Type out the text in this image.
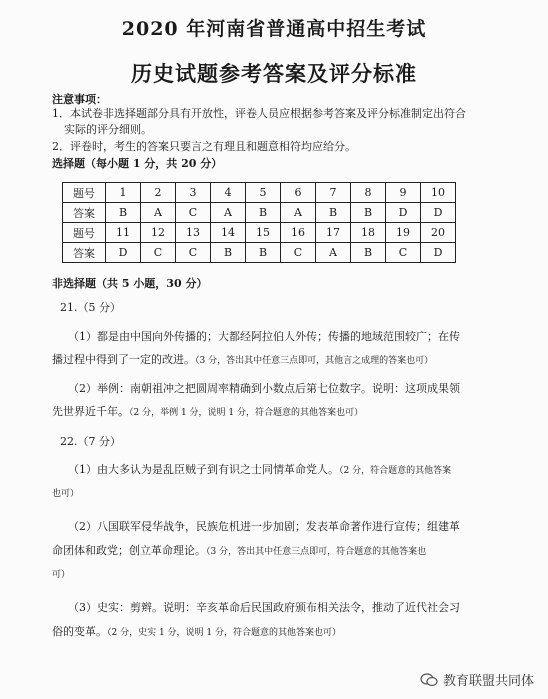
2020 年河南省普通高中招生考试
历史试题参考答案及评分标准
注意事项：
1．本试卷非选择题部分具有开放性，评卷人员应根据参考答案及评分标准制定出符合
实际的评分细则。
2．评卷时，考生的答案只要言之有理且和题意相符均应给分。
选择题（每小题 1 分，共 20 分）
题号	1	2	3	4	5	6	7	8	9	10
答案	B	A	C	A	B	A	B	B	D	D
题号	11	12	13	14	15	16	17	18	19	20
答案	D	C	C	B	B	C	A	B	C	D
非选择题（共 5 小题，30 分）
21.（5 分）
（1）都是由中国向外传播的；大都经阿拉伯人外传；传播的地域范围较广；在传
播过程中得到了一定的改进。（3 分，答出其中任意三点即可，其他言之成理的答案也可）
（2）举例：南朝祖冲之把圆周率精确到小数点后第七位数字。说明：这项成果领
先世界近千年。（2 分，举例 1 分，说明 1 分，符合题意的其他答案也可）
22.（7 分）
（1）由大多认为是乱臣贼子到有识之士同情革命党人。（2 分，符合题意的其他答案
也可）
（2）八国联军侵华战争，民族危机进一步加剧；发表革命著作进行宣传；组建革
命团体和政党；创立革命理论。（3 分，答出其中任意三点即可，符合题意的其他答案也
可）
（3）史实：剪辫。说明：辛亥革命后民国政府颁布相关法令，推动了近代社会习
俗的变革。（2 分，史实 1 分，说明 1 分，符合题意的其他答案也可）
教育联盟共同体
